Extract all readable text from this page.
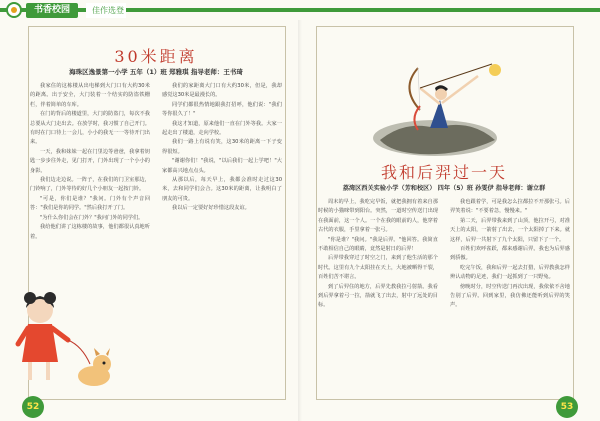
书香校园	佳作选登
30米距离
海珠区逸景第一小学 五年（1）班 郑雅琪 指导老师：王书琦

我家住的这栋楼从出电梯到大门口有大约30米的距离。出于安全，大门装着一个结实的防盗铁栅栏，伴着简单的车库。

在门的背后的楼道里，大门的防盗门，每次不我总要从大门走出去。在放学时，我习惯了自己开门。有时在门口待上一会儿，小小的我无一一等待开门出来。

一天，我和妹妹一起在门里边等爸爸，我拿着钥匙一步步往外走，见门打开，门外出现了一个小小的身影。

我们边走边说。一阵子，在我们的门卫室那边，门铃响了，门外等待的好几个小朋友一起按门铃。

"可是，你们是谁？"我问。门外有个声音回答："我们是你的同学。"然后我打开了门。

"为什么你们会在门外？"我问门外的同学们。

我给他们讲了这栋楼的故事，他们都很认真地听着。

我们的家距离大门口有大约30米，但是，我却感觉这30米是最漫长的。

同学们都很热情地跟我打招呼，他们说："我们等你很久了！"

我这才知道，原来他们一直在门外等我。大家一起走出了楼道，走向学校。

我们一路上有说有笑，这30米的距离一下子变得很短。

"谢谢你们！"我说，"以后我们一起上学吧！"大家都高兴地点点头。

从那以后，每天早上，我都会准时走过这30米，去和同学们会合。这30米的距离，让我明白了朋友的可贵。

我以后一定要好好珍惜这段友谊。

我和后羿过一天
荔湾区西关实验小学（芳和校区） 四年（5）班 孙雯伊 指导老师：谢立群

周末的早上，我吃完早饭，就把我拥有着来自那时候的小猫咪带到阳台。突然，一道时空传送门出现在我面前，这一个人。一个在我的眼前的人，他穿着古代的衣服，手里拿着一张弓。

"你是谁？"我问。"我是后羿。"他回答。我简直不敢相信自己的眼睛，竟然是射日的后羿！

后羿带我穿过了时空之门，来到了他生活的那个时代。这里有九个太阳挂在天上，大地被晒得干裂，百姓们苦不堪言。

到了后羿住的地方，后羿先教我拉弓射箭。我看到后羿拿着弓一拉，箭就飞了出去，射中了远处的目标。

我也跟着学，可是我怎么拉都拉不开那张弓。后羿笑着说："不要着急，慢慢来。"

第二天，后羿带我来到了山顶，他拉开弓，对准天上的太阳，一箭射了出去，一个太阳掉了下来。就这样，后羿一共射下了九个太阳，只留下了一个。

百姓们欢呼雀跃，都来感谢后羿。我也为后羿感到骄傲。

吃完午饭，我和后羿一起去打猎，后羿教我怎样辨认动物的足迹，我们一起抓到了一只野兔。

傍晚时分，时空传送门再次出现，我依依不舍地告别了后羿。回到家里，我仿佛还能听到后羿的笑声。

52	53
